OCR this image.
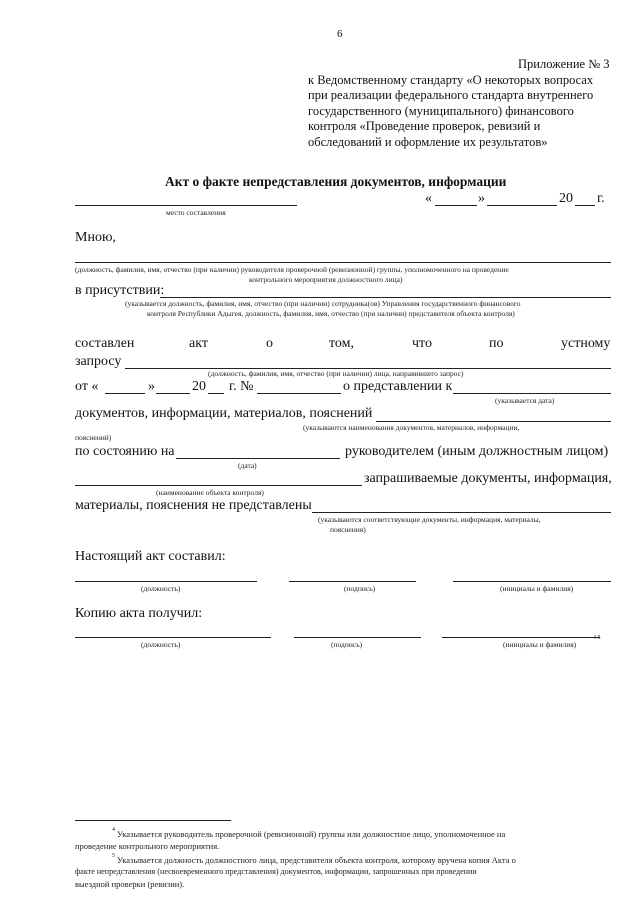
6
Приложение № 3
к Ведомственному стандарту «О некоторых вопросах
при реализации федерального стандарта внутреннего
государственного (муниципального) финансового
контроля «Проведение проверок, ревизий и
обследований и оформление их результатов»
Акт о факте непредставления документов, информации
место составления
«	»	20 г.
Мною,
(должность, фамилия, имя, отчество (при наличии) руководителя проверочной (ревизионной) группы, уполномоченного на проведение
контрольного мероприятия должностного лица)
в присутствии:
(указывается должность, фамилия, имя, отчество (при наличии) сотрудника(ов) Управления государственного финансового
контроля Республики Адыгея, должность, фамилия, имя, отчество (при наличии) представителя объекта контроля)
составлен	акт	о	том,	что	по	устному
запросу
(должность, фамилия, имя, отчество (при наличии) лица, направившего запрос)
от «	»	20 г. №	о представлении к
(указывается дата)
документов, информации, материалов, пояснений
(указываются наименования документов, материалов, информации,
пояснений)
по состоянию на	руководителем (иным должностным лицом)
(дата)
запрашиваемые документы, информация,
(наименование объекта контроля)
материалы, пояснения не представлены
(указываются соответствующие документы, информация, материалы,
пояснения)
Настоящий акт составил:
(должность)	(подпись)	(инициалы и фамилия)
Копию акта получил:
(должность)	(подпись)	(инициалы и фамилия)
4 5
4 Указывается руководитель проверочной (ревизионной) группы или должностное лицо, уполномоченное на
проведение контрольного мероприятия.
5 Указывается должность должностного лица, представителя объекта контроля, которому вручена копия Акта о
факте непредставления (несвоевременного представления) документов, информации, запрошенных при проведении
выездной проверки (ревизии).
